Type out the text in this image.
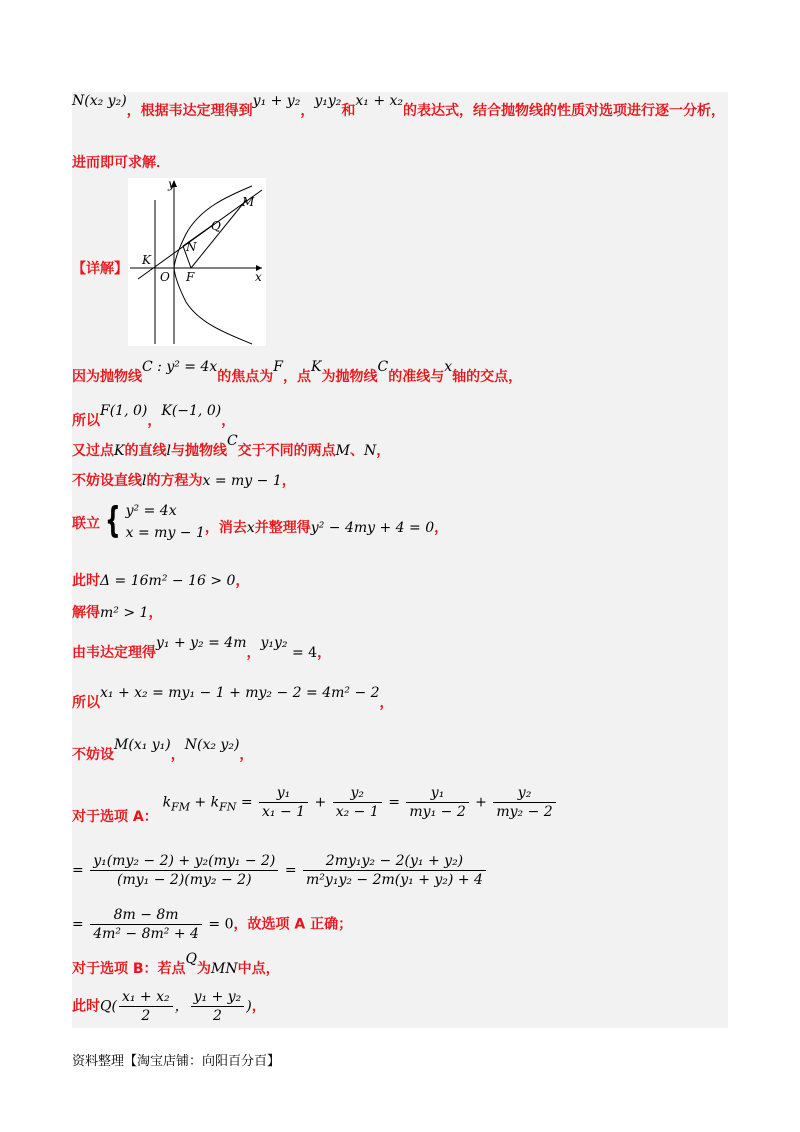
N(x₂ y₂)，根据韦达定理得到y₁ + y₂，y₁y₂和x₁ + x₂的表达式，结合抛物线的性质对选项进行逐一分析，
进而即可求解．
【详解】
y
M
Q
N
K
O F	x
因为抛物线C : y² = 4x的焦点为F，点K为抛物线C的准线与x轴的交点，
所以F(1, 0)，K(−1, 0)，
又过点K的直线l与抛物线C交于不同的两点M、N，
不妨设直线l的方程为x = my − 1，
联立 { y² = 4x
x = my − 1 ，消去x并整理得y² − 4my + 4 = 0，
此时Δ = 16m² − 16 > 0，
解得m² > 1，
由韦达定理得y₁ + y₂ = 4m，y₁y₂ = 4，
所以x₁ + x₂ = my₁ − 1 + my₂ − 2 = 4m² − 2，
不妨设M(x₁ y₁)，N(x₂ y₂)，
对于选项 A： $k_{FM} + k_{FN} = \frac{\text{y₁}}{\text{x₁ − 1}} + \frac{\text{y₂}}{\text{x₂ − 1}} = \frac{\text{y₁}}{\text{my₁ − 2}} + \frac{\text{y₂}}{\text{my₂ − 2}}$
= $\frac{\text{y₁(my₂ − 2) + y₂(my₁ − 2)}}{\text{(my₁ − 2)(my₂ − 2)}} = \frac{\text{2my₁y₂ − 2(y₁ + y₂)}}{\text{m²y₁y₂ − 2m(y₁ + y₂) + 4}}$
= $\frac{8m - 8m}{\text{4m² − 8m² + 4}} = 0$，故选项 A 正确；
对于选项 B：若点Q为MN中点，
此时$Q( \frac{\text{x₁ + x₂}}{2}$ ， $\frac{\text{y₁ + y₂}}{2}$ )，
资料整理【淘宝店铺：向阳百分百】
